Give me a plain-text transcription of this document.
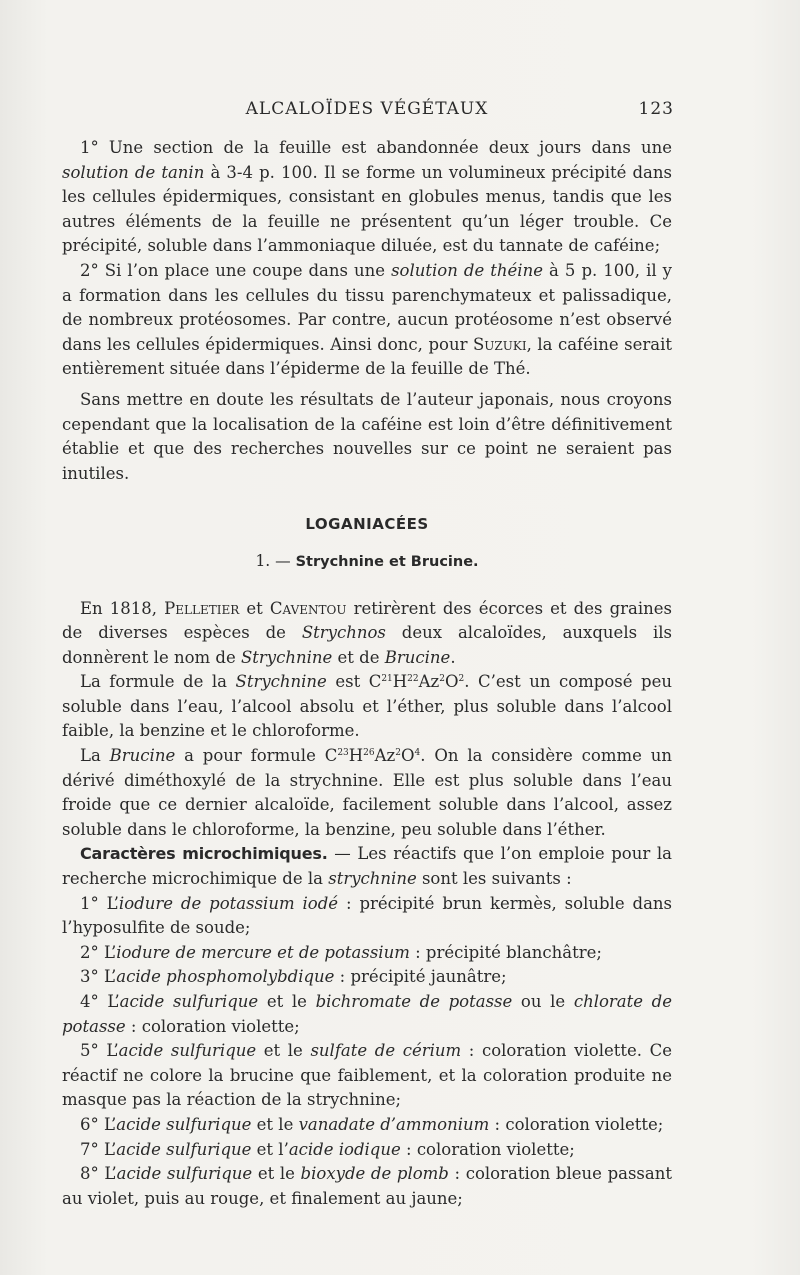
ALCALOÏDES VÉGÉTAUX	123

1° Une section de la feuille est abandonnée deux jours dans une solution de tanin à 3-4 p. 100. Il se forme un volumineux précipité dans les cellules épidermiques, consistant en globules menus, tandis que les autres éléments de la feuille ne présentent qu’un léger trouble. Ce précipité, soluble dans l’ammoniaque diluée, est du tannate de caféine;

2° Si l’on place une coupe dans une solution de théine à 5 p. 100, il y a formation dans les cellules du tissu parenchymateux et palissadique, de nombreux protéosomes. Par contre, aucun protéosome n’est observé dans les cellules épidermiques. Ainsi donc, pour Suzuki, la caféine serait entièrement située dans l’épiderme de la feuille de Thé.

Sans mettre en doute les résultats de l’auteur japonais, nous croyons cependant que la localisation de la caféine est loin d’être définitivement établie et que des recherches nouvelles sur ce point ne seraient pas inutiles.

LOGANIACÉES
1. — Strychnine et Brucine.

En 1818, Pelletier et Caventou retirèrent des écorces et des graines de diverses espèces de Strychnos deux alcaloïdes, auxquels ils donnèrent le nom de Strychnine et de Brucine.

La formule de la Strychnine est $C^{21}H^{22}Az^2O^2$. C’est un composé peu soluble dans l’eau, l’alcool absolu et l’éther, plus soluble dans l’alcool faible, la benzine et le chloroforme.

La Brucine a pour formule $C^{23}H^{26}Az^2O^4$. On la considère comme un dérivé diméthoxylé de la strychnine. Elle est plus soluble dans l’eau froide que ce dernier alcaloïde, facilement soluble dans l’alcool, assez soluble dans le chloroforme, la benzine, peu soluble dans l’éther.

Caractères microchimiques. — Les réactifs que l’on emploie pour la recherche microchimique de la strychnine sont les suivants :

1° L’iodure de potassium iodé : précipité brun kermès, soluble dans l’hyposulfite de soude;

2° L’iodure de mercure et de potassium : précipité blanchâtre;

3° L’acide phosphomolybdique : précipité jaunâtre;

4° L’acide sulfurique et le bichromate de potasse ou le chlorate de potasse : coloration violette;

5° L’acide sulfurique et le sulfate de cérium : coloration violette. Ce réactif ne colore la brucine que faiblement, et la coloration produite ne masque pas la réaction de la strychnine;

6° L’acide sulfurique et le vanadate d’ammonium : coloration violette;

7° L’acide sulfurique et l’acide iodique : coloration violette;

8° L’acide sulfurique et le bioxyde de plomb : coloration bleue passant au violet, puis au rouge, et finalement au jaune;
